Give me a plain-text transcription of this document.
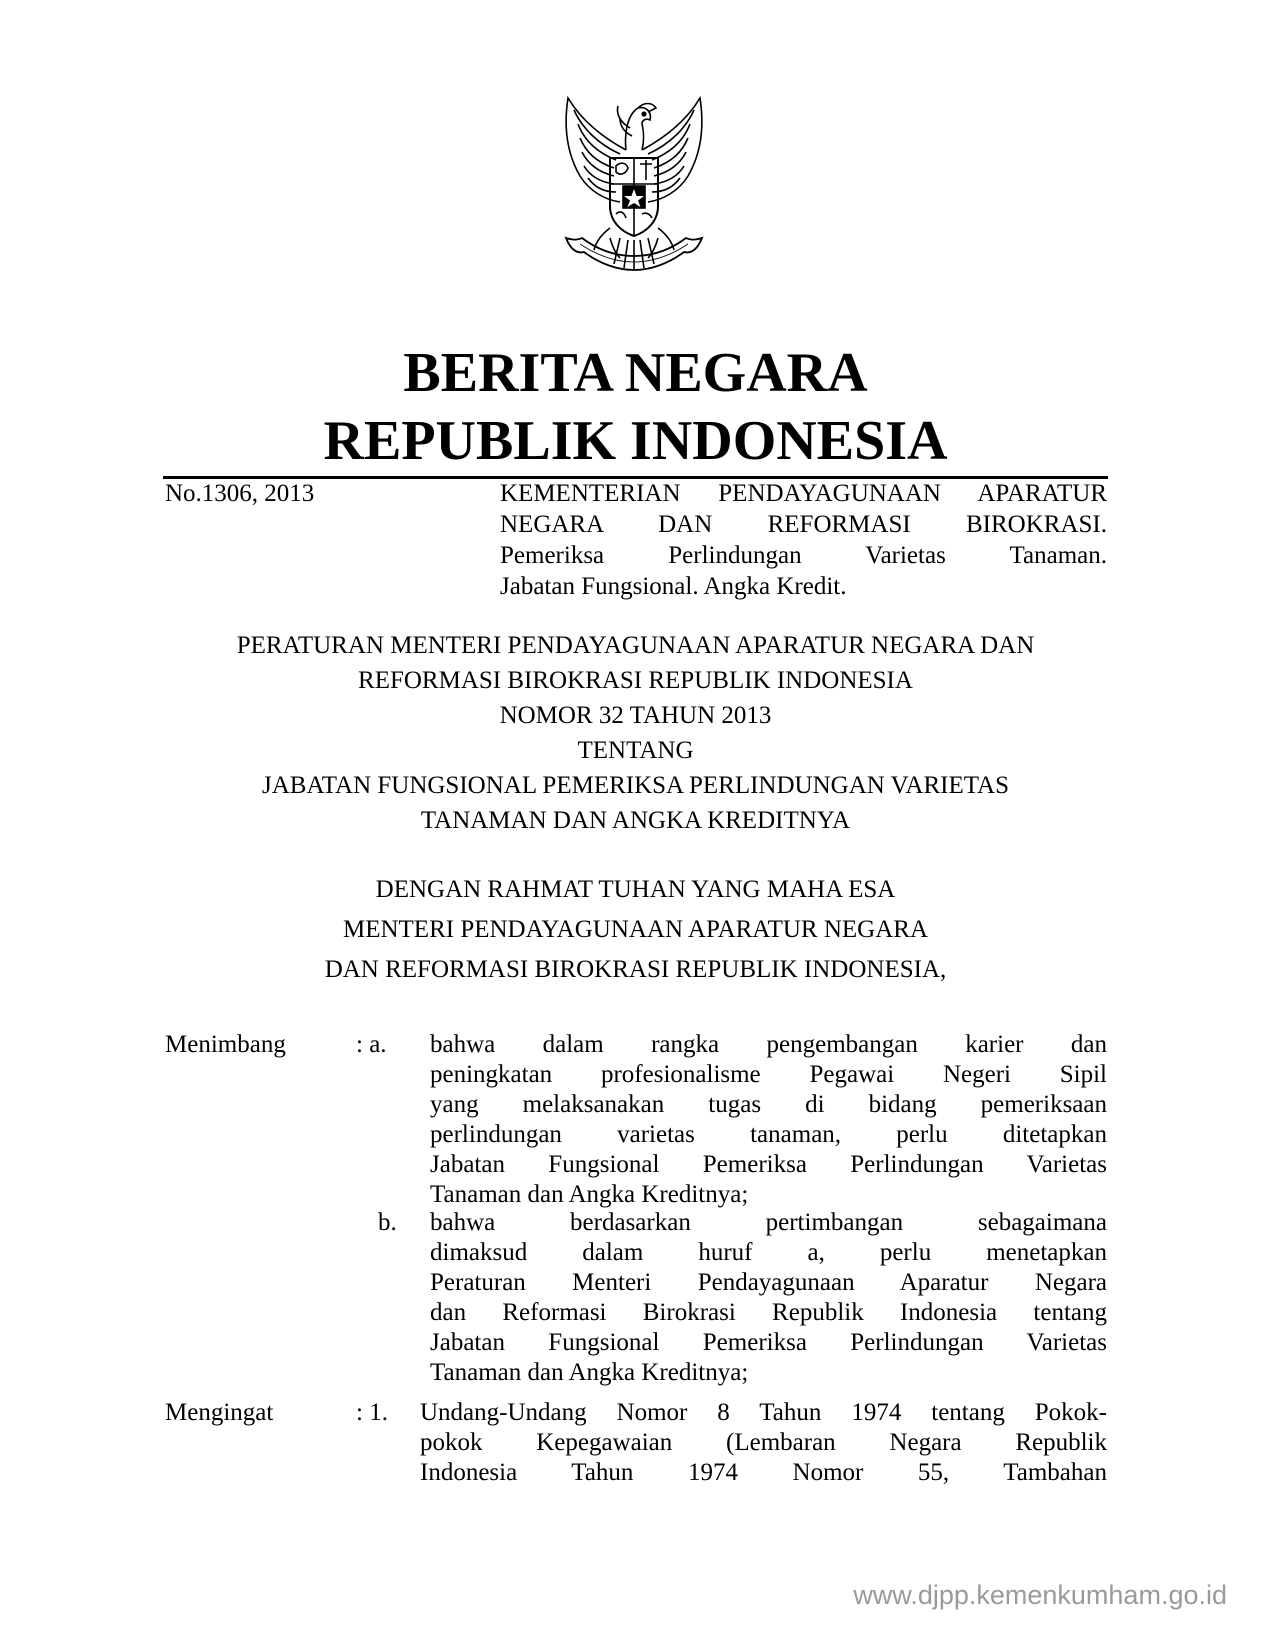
BERITA NEGARA
REPUBLIK INDONESIA
No.1306, 2013	KEMENTERIAN PENDAYAGUNAAN APARATUR
NEGARA DAN REFORMASI BIROKRASI.
Pemeriksa Perlindungan Varietas Tanaman.
Jabatan Fungsional. Angka Kredit.
PERATURAN MENTERI PENDAYAGUNAAN APARATUR NEGARA DAN
REFORMASI BIROKRASI REPUBLIK INDONESIA
NOMOR 32 TAHUN 2013
TENTANG
JABATAN FUNGSIONAL PEMERIKSA PERLINDUNGAN VARIETAS
TANAMAN DAN ANGKA KREDITNYA
DENGAN RAHMAT TUHAN YANG MAHA ESA
MENTERI PENDAYAGUNAAN APARATUR NEGARA
DAN REFORMASI BIROKRASI REPUBLIK INDONESIA,
Menimbang	: a. bahwa dalam rangka pengembangan karier dan
peningkatan profesionalisme Pegawai Negeri Sipil
yang melaksanakan tugas di bidang pemeriksaan
perlindungan varietas tanaman, perlu ditetapkan
Jabatan Fungsional Pemeriksa Perlindungan Varietas
Tanaman dan Angka Kreditnya;
b. bahwa berdasarkan pertimbangan sebagaimana
dimaksud dalam huruf a, perlu menetapkan
Peraturan Menteri Pendayagunaan Aparatur Negara
dan Reformasi Birokrasi Republik Indonesia tentang
Jabatan Fungsional Pemeriksa Perlindungan Varietas
Tanaman dan Angka Kreditnya;
Mengingat	: 1. Undang-Undang Nomor 8 Tahun 1974 tentang Pokok-
pokok Kepegawaian (Lembaran Negara Republik
Indonesia Tahun 1974 Nomor 55, Tambahan
www.djpp.kemenkumham.go.id
